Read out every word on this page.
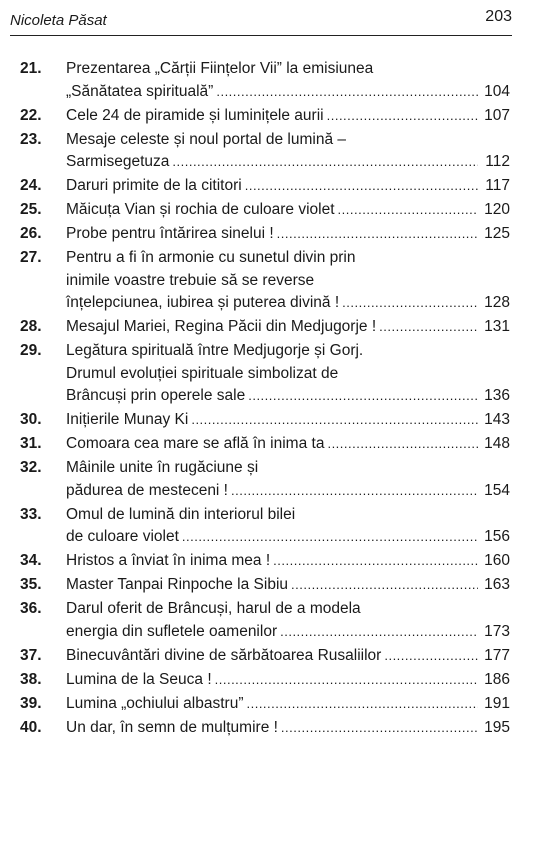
Nicoleta Păsat	203
21.	Prezentarea „Cărții Ființelor Vii” la emisiunea
„Sănătatea spirituală” .....	104
22.	Cele 24 de piramide și luminițele aurii .....	107
23.	Mesaje celeste și noul portal de lumină –
Sarmisegetuza .....	112
24.	Daruri primite de la cititori .....	117
25.	Măicuța Vian și rochia de culoare violet .....	120
26.	Probe pentru întărirea sinelui ! .....	125
27.	Pentru a fi în armonie cu sunetul divin prin
inimile voastre trebuie să se reverse
înțelepciunea, iubirea și puterea divină ! .....	128
28.	Mesajul Mariei, Regina Păcii din Medjugorje ! .....	131
29.	Legătura spirituală între Medjugorje și Gorj.
Drumul evoluției spirituale simbolizat de
Brâncuși prin operele sale .....	136
30.	Inițierile Munay Ki .....	143
31.	Comoara cea mare se află în inima ta .....	148
32.	Mâinile unite în rugăciune și
pădurea de mesteceni ! .....	154
33.	Omul de lumină din interiorul bilei
de culoare violet .....	156
34.	Hristos a înviat în inima mea ! .....	160
35.	Master Tanpai Rinpoche la Sibiu .....	163
36.	Darul oferit de Brâncuși, harul de a modela
energia din sufletele oamenilor .....	173
37.	Binecuvântări divine de sărbătoarea Rusaliilor .....	177
38.	Lumina de la Seuca ! .....	186
39.	Lumina „ochiului albastru” .....	191
40.	Un dar, în semn de mulțumire ! .....	195
